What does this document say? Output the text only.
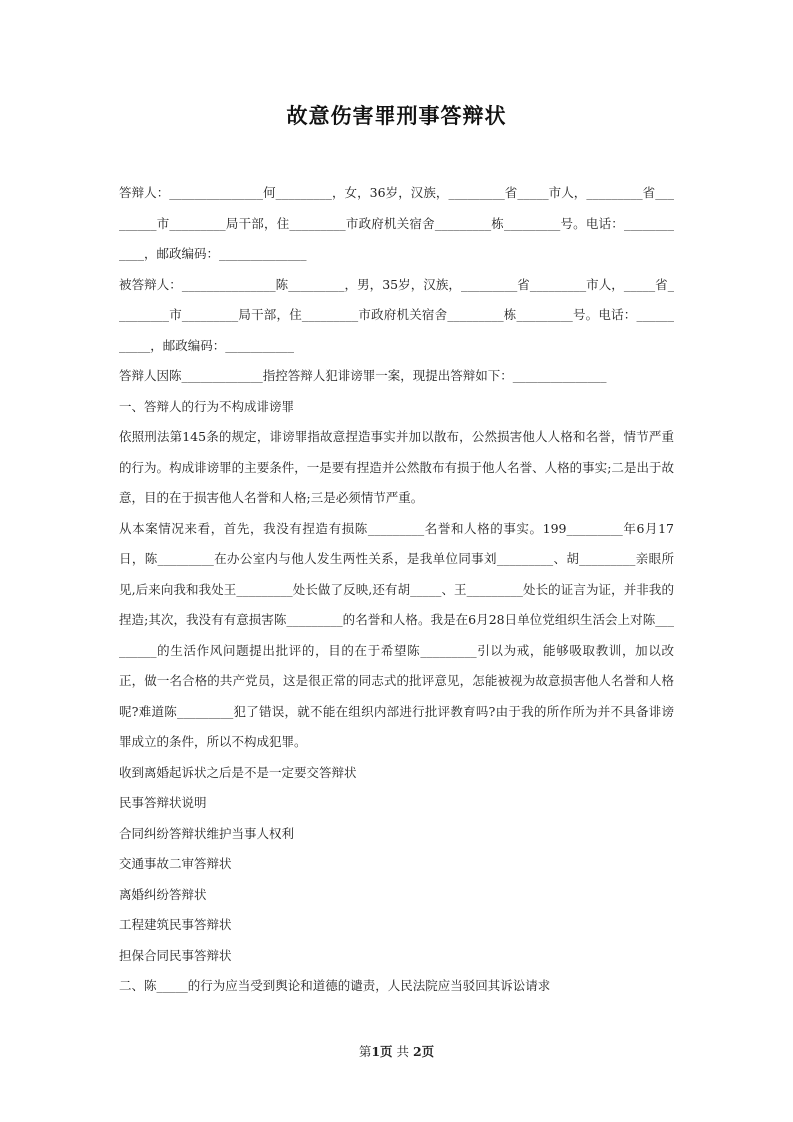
故意伤害罪刑事答辩状

答辩人：_______________何_________，女，36岁，汉族，_________省_____市人，_________省_________市_________局干部，住_________市政府机关宿舍_________栋_________号。电话：____________，邮政编码：______________

被答辩人：_______________陈_________，男，35岁，汉族，_________省_________市人，_____省_________市_________局干部，住_________市政府机关宿舍_________栋_________号。电话：___________，邮政编码：___________

答辩人因陈_____________指控答辩人犯诽谤罪一案，现提出答辩如下：_______________

一、答辩人的行为不构成诽谤罪

依照刑法第145条的规定，诽谤罪指故意捏造事实并加以散布，公然损害他人人格和名誉，情节严重的行为。构成诽谤罪的主要条件，一是要有捏造并公然散布有损于他人名誉、人格的事实;二是出于故意，目的在于损害他人名誉和人格;三是必须情节严重。

从本案情况来看，首先，我没有捏造有损陈_________名誉和人格的事实。199_________年6月17日，陈_________在办公室内与他人发生两性关系，是我单位同事刘_________、胡_________亲眼所见,后来向我和我处王_________处长做了反映,还有胡_____、王_________处长的证言为证，并非我的捏造;其次，我没有有意损害陈_________的名誉和人格。我是在6月28日单位党组织生活会上对陈_________的生活作风问题提出批评的，目的在于希望陈_________引以为戒，能够吸取教训，加以改正，做一名合格的共产党员，这是很正常的同志式的批评意见，怎能被视为故意损害他人名誉和人格呢?难道陈_________犯了错误，就不能在组织内部进行批评教育吗?由于我的所作所为并不具备诽谤罪成立的条件，所以不构成犯罪。

收到离婚起诉状之后是不是一定要交答辩状

民事答辩状说明

合同纠纷答辩状维护当事人权利

交通事故二审答辩状

离婚纠纷答辩状

工程建筑民事答辩状

担保合同民事答辩状

二、陈_____的行为应当受到舆论和道德的谴责，人民法院应当驳回其诉讼请求

第1页 共 2页
